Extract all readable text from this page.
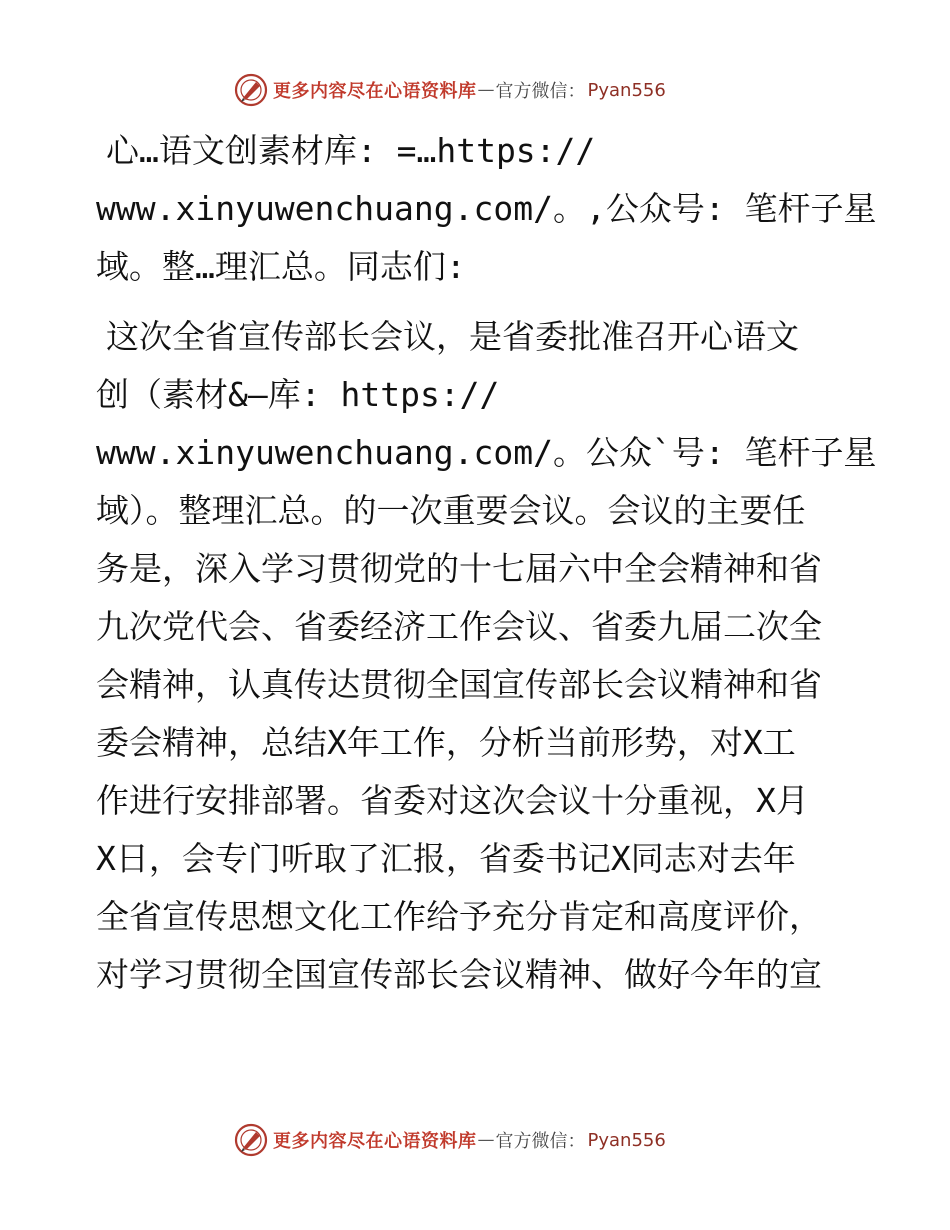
更多内容尽在心语资料库 — 官方微信： Pyan556
心…语文创素材库: =…https://
www.xinyuwenchuang.com/。,公众号: 笔杆子星
域。整…理汇总。同志们:
这次全省宣传部长会议，是省委批准召开心语文
创（素材&—库: https://
www.xinyuwenchuang.com/。公众`号: 笔杆子星
域）。整理汇总。的一次重要会议。会议的主要任
务是，深入学习贯彻党的十七届六中全会精神和省
九次党代会、省委经济工作会议、省委九届二次全
会精神，认真传达贯彻全国宣传部长会议精神和省
委会精神，总结X年工作，分析当前形势，对X工
作进行安排部署。省委对这次会议十分重视，X月
X日，会专门听取了汇报，省委书记X同志对去年
全省宣传思想文化工作给予充分肯定和高度评价，
对学习贯彻全国宣传部长会议精神、做好今年的宣
更多内容尽在心语资料库 — 官方微信： Pyan556
